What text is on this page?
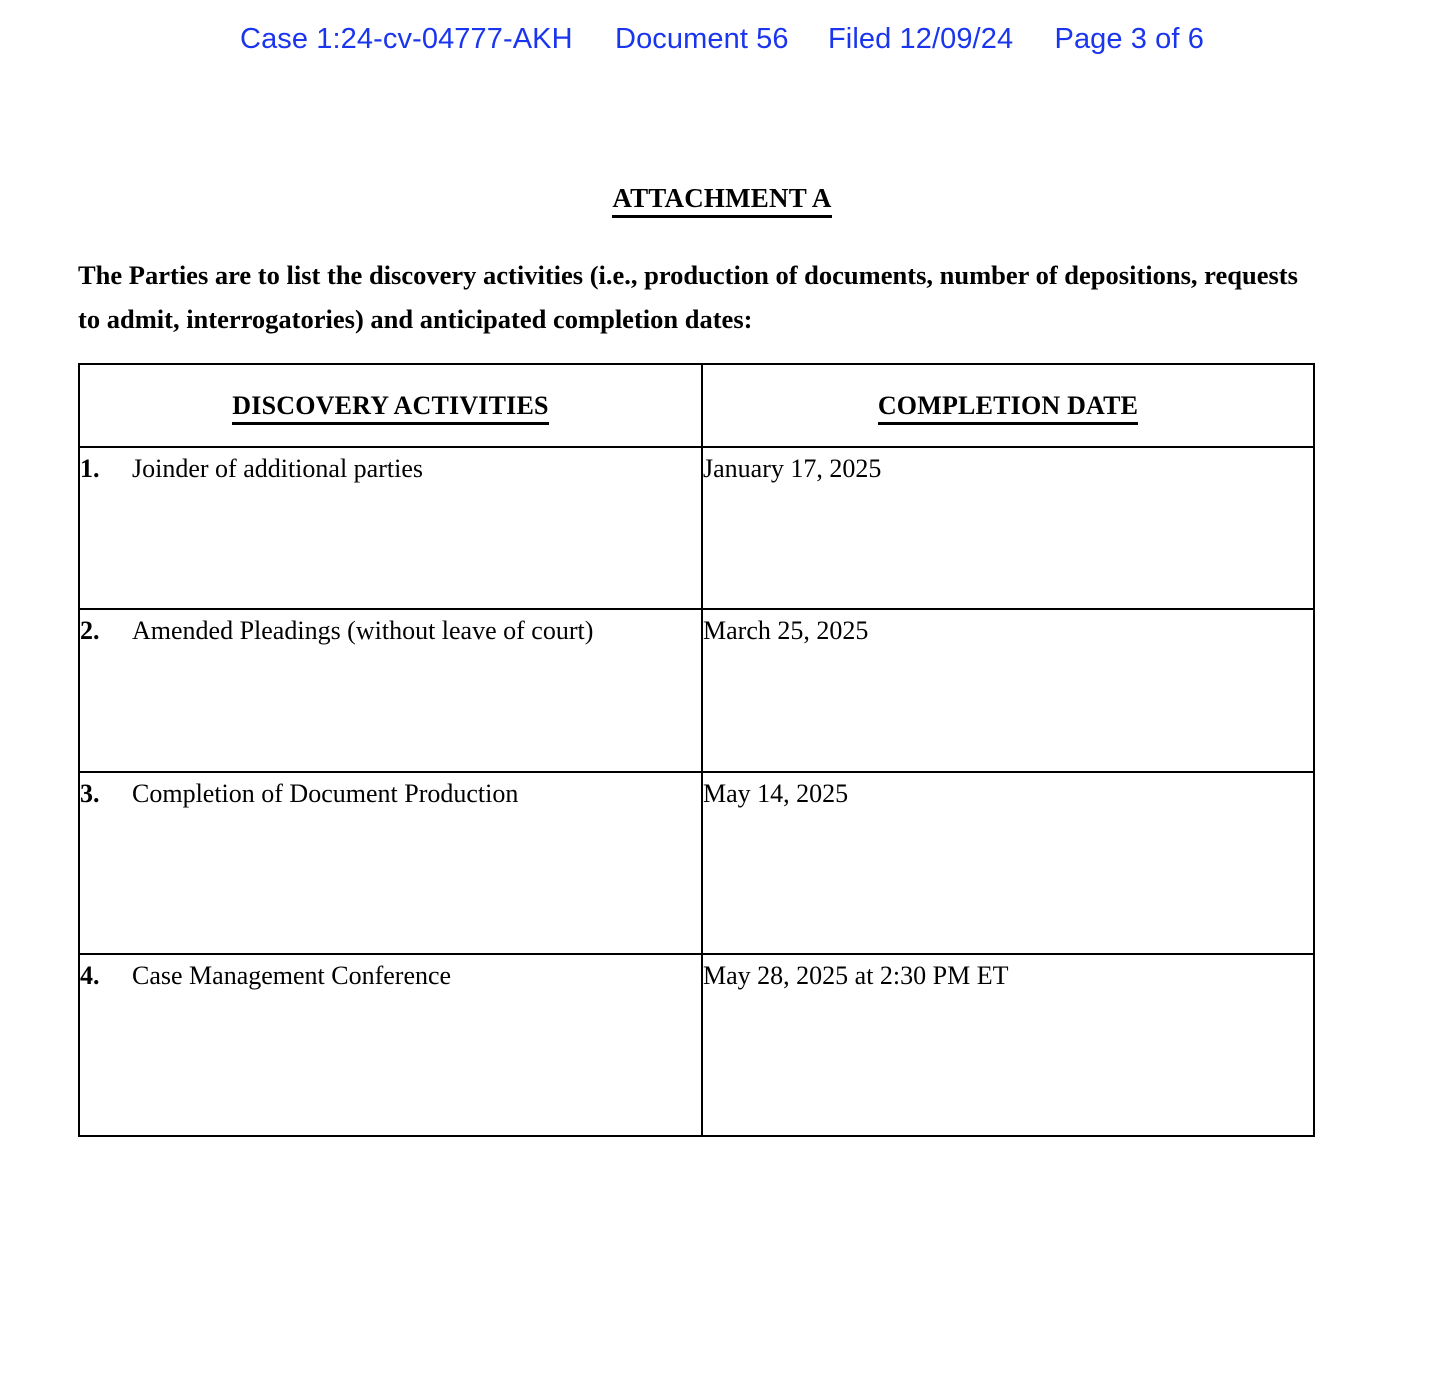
Case 1:24-cv-04777-AKH Document 56 Filed 12/09/24 Page 3 of 6
ATTACHMENT A
The Parties are to list the discovery activities (i.e., production of documents, number of depositions, requests to admit, interrogatories) and anticipated completion dates:
DISCOVERY ACTIVITIES	COMPLETION DATE

1. Joinder of additional parties	January 17, 2025

2. Amended Pleadings (without leave of court)	March 25, 2025

3. Completion of Document Production	May 14, 2025

4. Case Management Conference	May 28, 2025 at 2:30 PM ET
